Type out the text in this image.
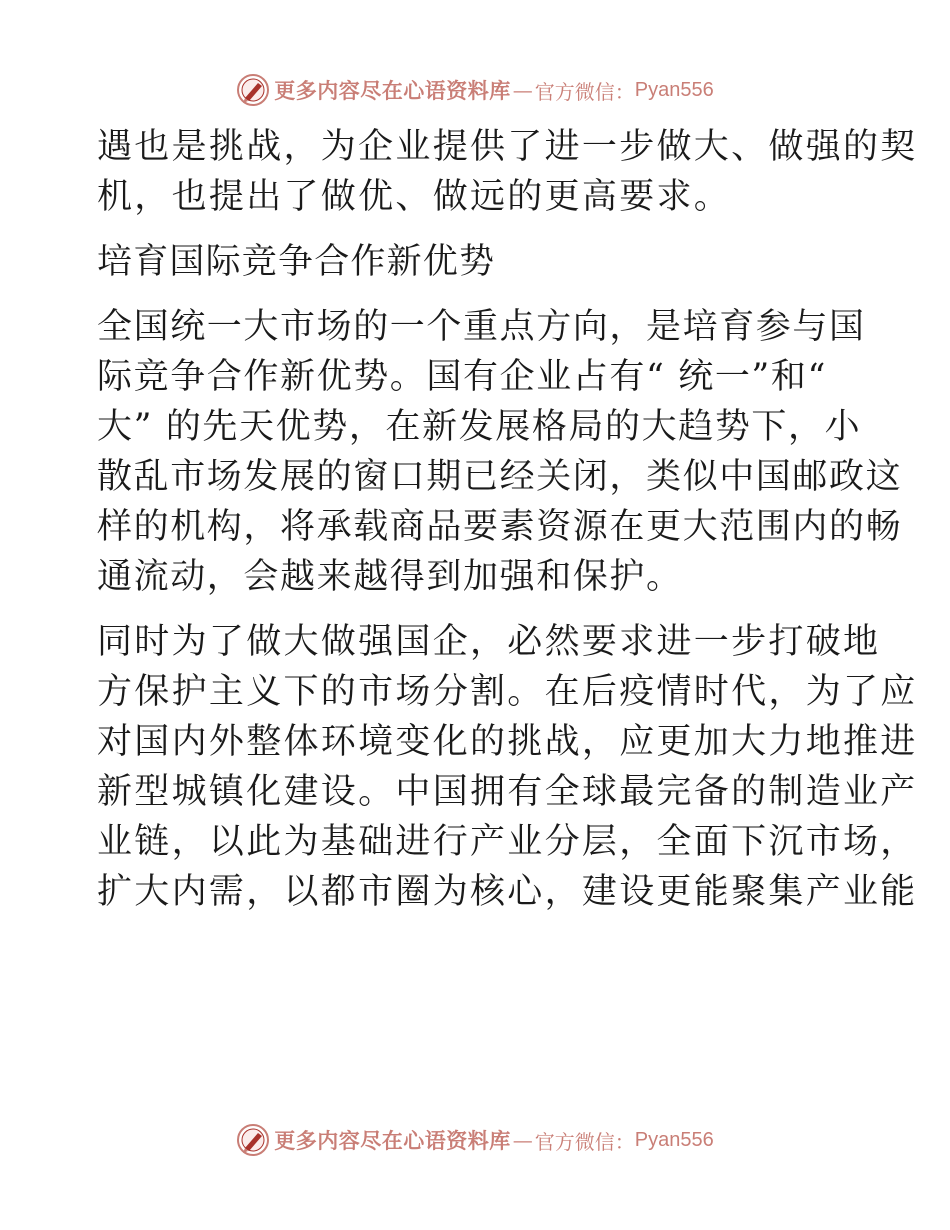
更多内容尽在心语资料库 — 官方微信： Pyan556

遇也是挑战，为企业提供了进一步做大、做强的契

机，也提出了做优、做远的更高要求。

培育国际竞争合作新优势

全国统一大市场的一个重点方向，是培育参与国

际竞争合作新优势。国有企业占有“ 统一”和“

大” 的先天优势，在新发展格局的大趋势下，小

散乱市场发展的窗口期已经关闭，类似中国邮政这

样的机构，将承载商品要素资源在更大范围内的畅

通流动，会越来越得到加强和保护。

同时为了做大做强国企，必然要求进一步打破地

方保护主义下的市场分割。在后疫情时代，为了应

对国内外整体环境变化的挑战，应更加大力地推进

新型城镇化建设。中国拥有全球最完备的制造业产

业链，以此为基础进行产业分层，全面下沉市场，

扩大内需，以都市圈为核心，建设更能聚集产业能

更多内容尽在心语资料库 — 官方微信： Pyan556
